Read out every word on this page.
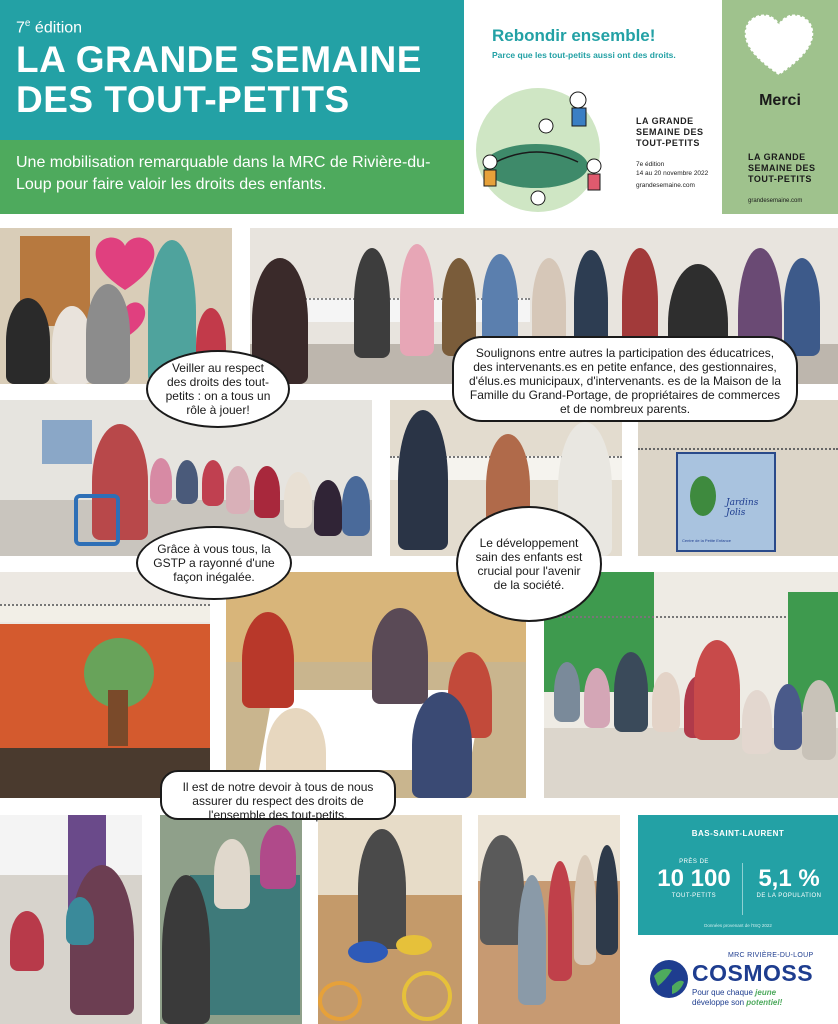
7e édition
LA GRANDE SEMAINE
DES TOUT-PETITS
Une mobilisation remarquable dans la MRC de Rivière-du-Loup pour faire valoir les droits des enfants.
Rebondir ensemble!
Parce que les tout-petits aussi ont des droits.
LA GRANDE
SEMAINE DES
TOUT-PETITS
7e édition
14 au 20 novembre 2022
grandesemaine.com
Merci
LA GRANDE
SEMAINE DES
TOUT-PETITS
grandesemaine.com
Jardins
Jolis
Centre de la Petite Enfance
Veiller au respect des droits des tout-petits : on a tous un rôle à jouer!
Soulignons entre autres la participation des éducatrices, des intervenants.es en petite enfance, des gestionnaires, d'élus.es municipaux, d'intervenants. es de la Maison de la Famille du Grand-Portage, de propriétaires de commerces et de nombreux parents.
Grâce à vous tous, la GSTP a rayonné d'une façon inégalée.
Le développement sain des enfants est crucial pour l'avenir de la société.
Il est de notre devoir à tous de nous assurer du respect des droits de l'ensemble des tout-petits.
BAS-SAINT-LAURENT
PRÈS DE
10 100
TOUT-PETITS

5,1 %
DE LA POPULATION
Données provenant de l'ISQ 2022
MRC RIVIÈRE-DU-LOUP
COSMOSS
Pour que chaque jeune
développe son potentiel!
